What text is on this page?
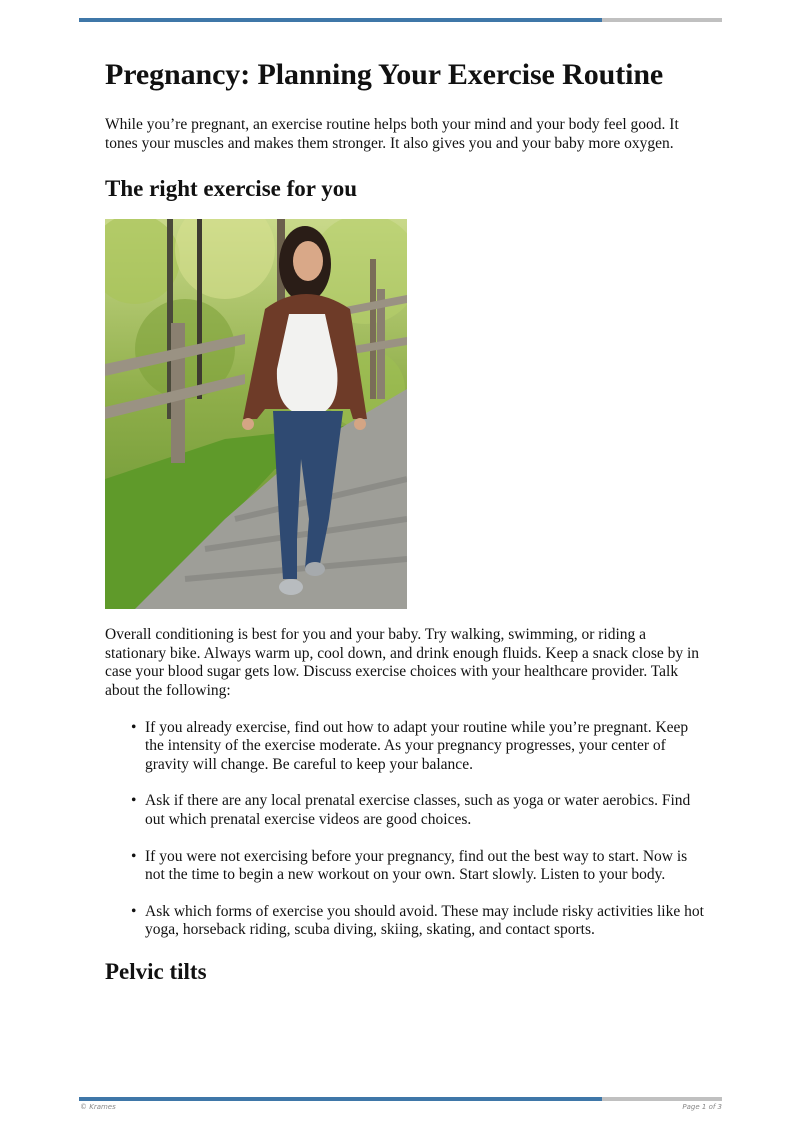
Pregnancy: Planning Your Exercise Routine

While you’re pregnant, an exercise routine helps both your mind and your body feel good. It tones your muscles and makes them stronger. It also gives you and your baby more oxygen.

The right exercise for you

Overall conditioning is best for you and your baby. Try walking, swimming, or riding a stationary bike. Always warm up, cool down, and drink enough fluids. Keep a snack close by in case your blood sugar gets low. Discuss exercise choices with your healthcare provider. Talk about the following:

• If you already exercise, find out how to adapt your routine while you’re pregnant. Keep the intensity of the exercise moderate. As your pregnancy progresses, your center of gravity will change. Be careful to keep your balance.
• Ask if there are any local prenatal exercise classes, such as yoga or water aerobics. Find out which prenatal exercise videos are good choices.
• If you were not exercising before your pregnancy, find out the best way to start. Now is not the time to begin a new workout on your own. Start slowly. Listen to your body.
• Ask which forms of exercise you should avoid. These may include risky activities like hot yoga, horseback riding, scuba diving, skiing, skating, and contact sports.
Pelvic tilts
© Krames	Page 1 of 3
